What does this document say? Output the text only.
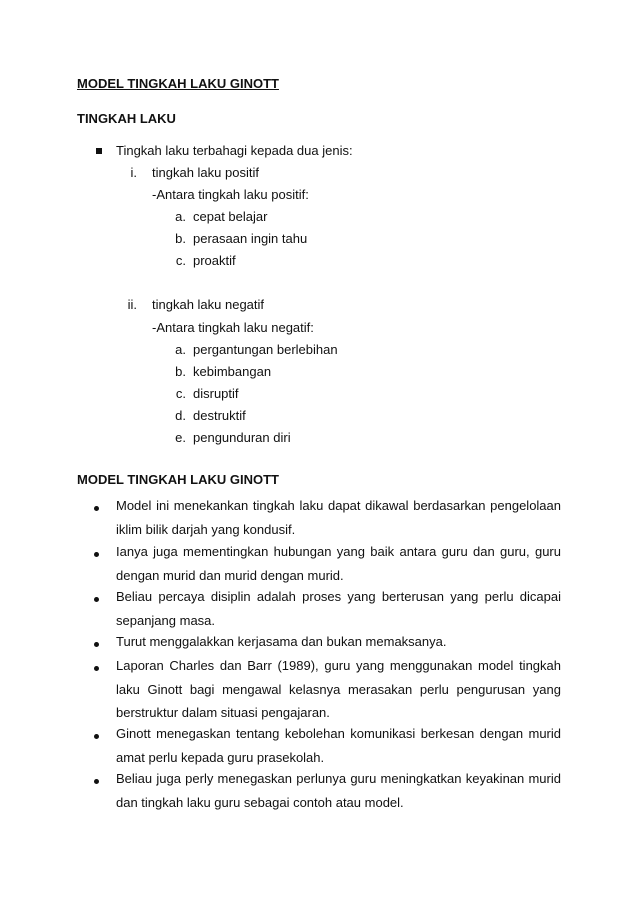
MODEL TINGKAH LAKU GINOTT
TINGKAH LAKU
Tingkah laku terbahagi kepada dua jenis:
i. tingkah laku positif
-Antara tingkah laku positif:
a. cepat belajar
b. perasaan ingin tahu
c. proaktif
ii. tingkah laku negatif
-Antara tingkah laku negatif:
a. pergantungan berlebihan
b. kebimbangan
c. disruptif
d. destruktif
e. pengunduran diri
MODEL TINGKAH LAKU GINOTT
Model ini menekankan tingkah laku dapat dikawal berdasarkan pengelolaan iklim bilik darjah yang kondusif.
Ianya juga mementingkan hubungan yang baik antara guru dan guru, guru dengan murid dan murid dengan murid.
Beliau percaya disiplin adalah proses yang berterusan yang perlu dicapai sepanjang masa.
Turut menggalakkan kerjasama dan bukan memaksanya.
Laporan Charles dan Barr (1989), guru yang menggunakan model tingkah laku Ginott bagi mengawal kelasnya merasakan perlu pengurusan yang berstruktur dalam situasi pengajaran.
Ginott menegaskan tentang kebolehan komunikasi berkesan dengan murid amat perlu kepada guru prasekolah.
Beliau juga perly menegaskan perlunya guru meningkatkan keyakinan murid dan tingkah laku guru sebagai contoh atau model.
